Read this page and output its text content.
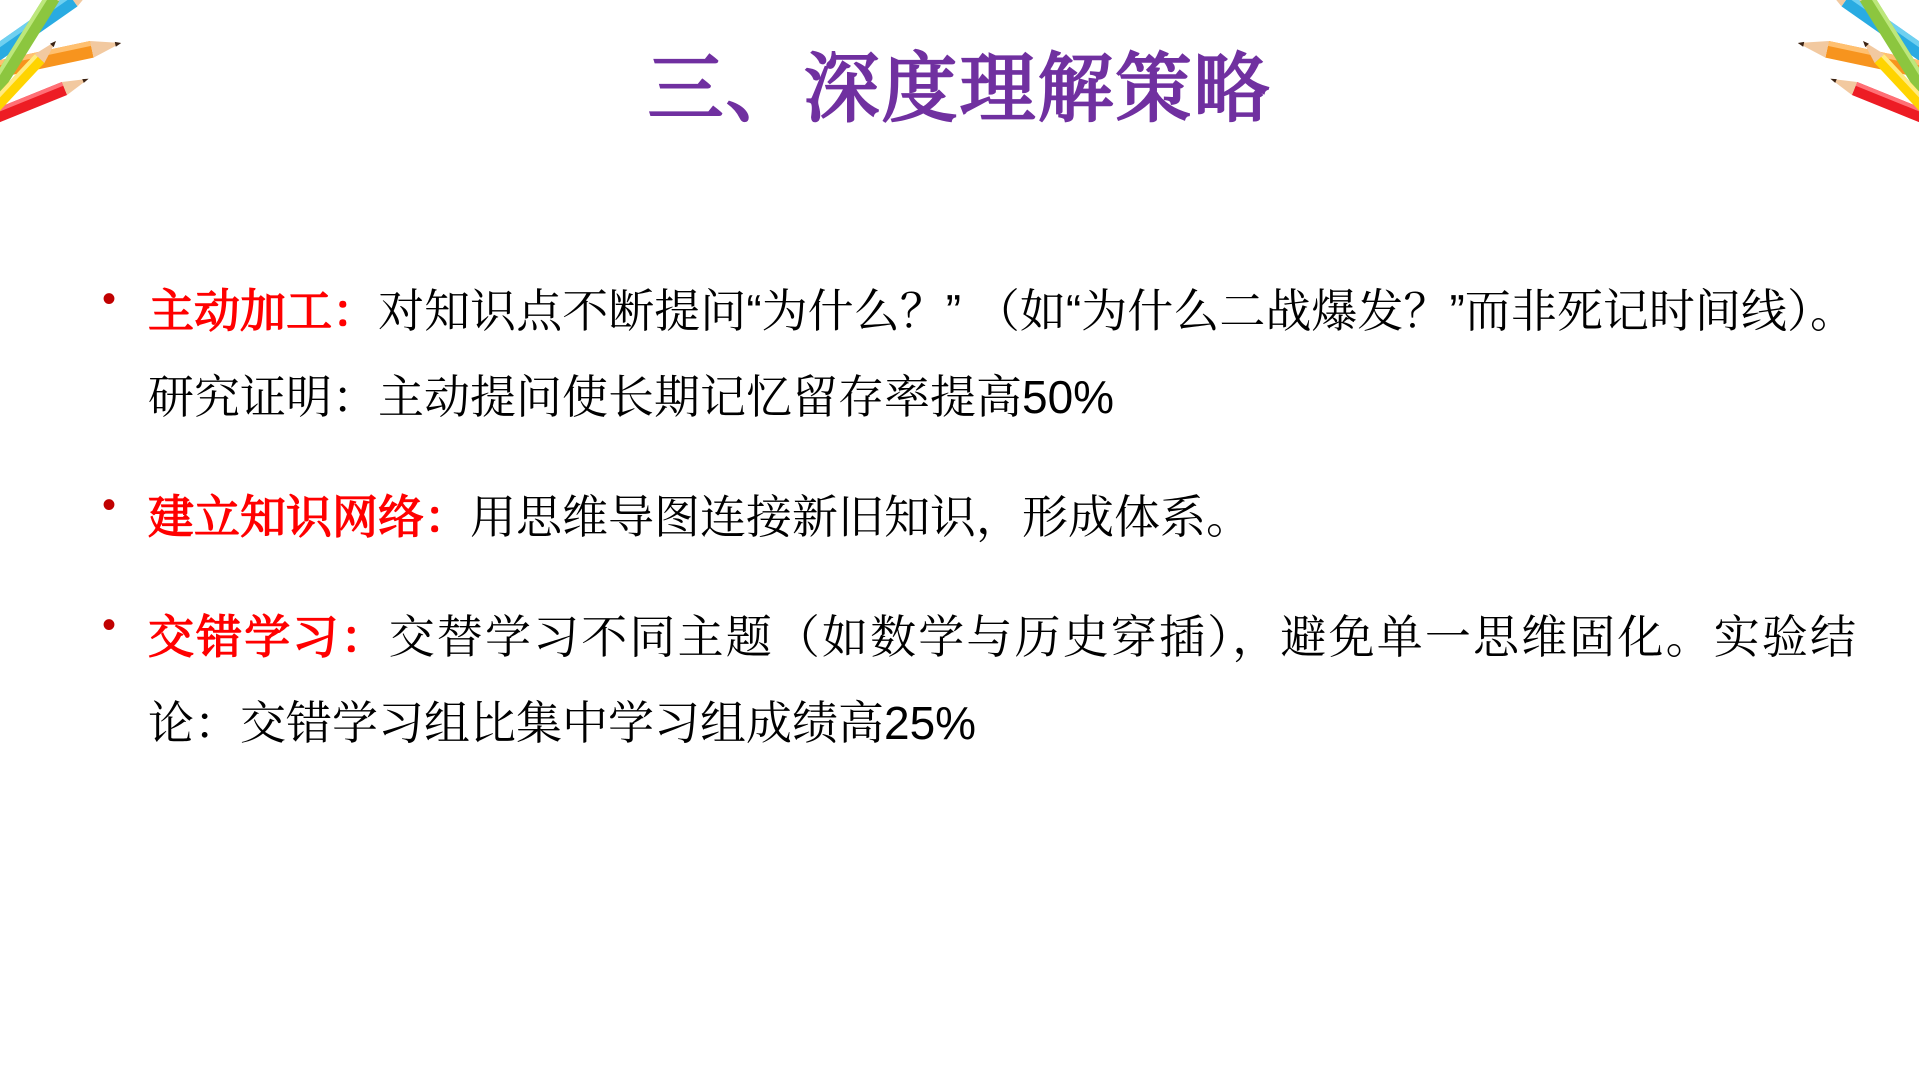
三、深度理解策略
• 主动加工：对知识点不断提问“为什么？” （如“为什么二战爆发？”而非死记时间线）。研究证明：主动提问使长期记忆留存率提高50%
• 建立知识网络：用思维导图连接新旧知识，形成体系。
• 交错学习：交替学习不同主题（如数学与历史穿插），避免单一思维固化。实验结论：交错学习组比集中学习组成绩高25%
